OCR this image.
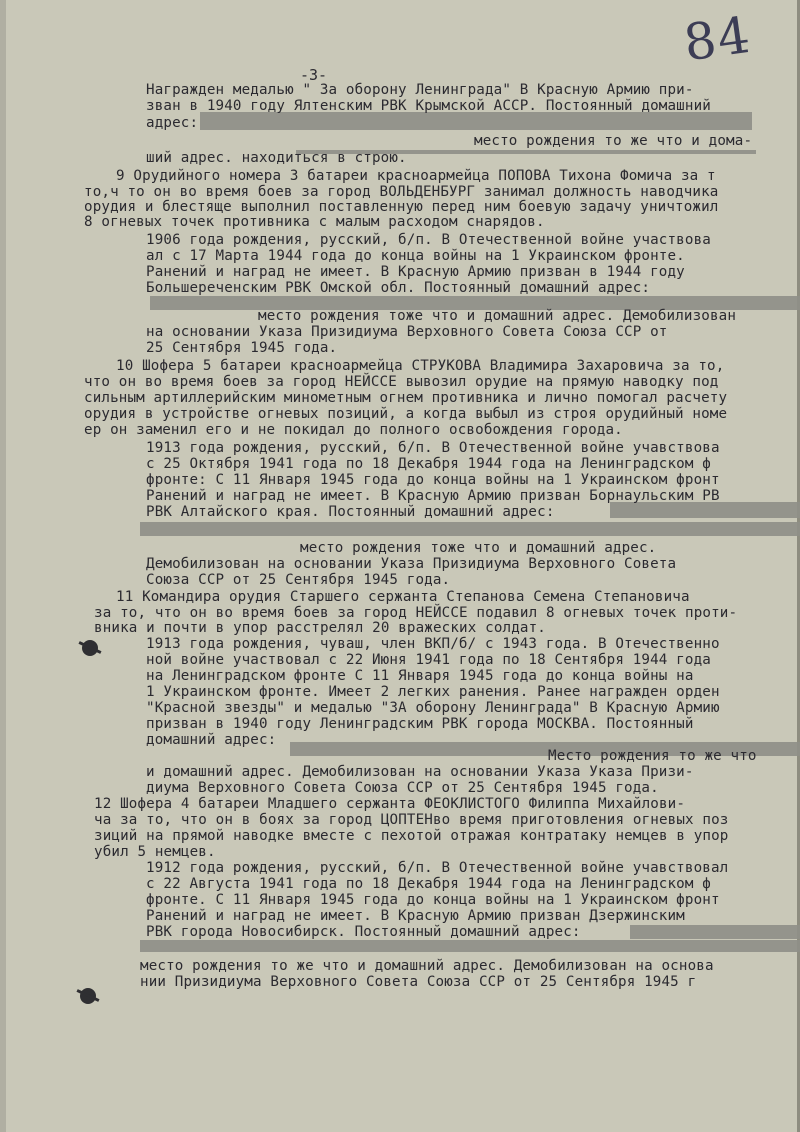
84
-3-
Награжден медалью " За оборону Ленинграда" В Красную Армию при-
зван в 1940 году Ялтенским РВК Крымской АССР. Постоянный домашний
адрес:
место рождения то же что и дома-
ший адрес. находиться в строю.
9 Орудийного номера 3 батареи красноармейца ПОПОВА Тихона Фомича за т
то,ч то он во время боев за город ВОЛЬДЕНБУРГ занимал должность наводчика
орудия и блестяще выполнил поставленную перед ним боевую задачу уничтожил
8 огневых точек противника с малым расходом снарядов.
1906 года рождения, русский, б/п. В Отечественной войне участвова
ал с 17 Марта 1944 года до конца войны на 1 Украинском фронте.
Ранений и наград не имеет. В Красную Армию призван в 1944 году
Большереченским РВК Омской обл. Постоянный домашний адрес:
место рождения тоже что и домашний адрес. Демобилизован
на основании Указа Призидиума Верховного Совета Союза ССР от
25 Сентября 1945 года.
10 Шофера 5 батареи красноармейца СТРУКОВА Владимира Захаровича за то,
что он во время боев за город НЕЙССЕ вывозил орудие на прямую наводку под
сильным артиллерийским минометным огнем противника и лично помогал расчету
орудия в устройстве огневых позиций, а когда выбыл из строя орудийный номе
ер он заменил его и не покидал до полного освобождения города.
1913 года рождения, русский, б/п. В Отечественной войне учавствова
с 25 Октября 1941 года по 18 Декабря 1944 года на Ленинградском ф
фронте: С 11 Января 1945 года до конца войны на 1 Украинском фронт
Ранений и наград не имеет. В Красную Армию призван Борнаульским РВ
РВК Алтайского края. Постоянный домашний адрес:
место рождения тоже что и домашний адрес.
Демобилизован на основании Указа Призидиума Верховного Совета
Союза ССР от 25 Сентября 1945 года.
11 Командира орудия Старшего сержанта Степанова Семена Степановича
за то, что он во время боев за город НЕЙССЕ подавил 8 огневых точек проти-
вника и почти в упор расстрелял 20 вражеских солдат.
1913 года рождения, чуваш, член ВКП/б/ с 1943 года. В Отечественно
ной войне участвовал с 22 Июня 1941 года по 18 Сентября 1944 года
на Ленинградском фронте С 11 Января 1945 года до конца войны на
1 Украинском фронте. Имеет 2 легких ранения. Ранее награжден орден
"Красной звезды" и медалью "ЗА оборону Ленинграда" В Красную Армию
призван в 1940 году Ленинградским РВК города МОСКВА. Постоянный
домашний адрес:
Место рождения то же что
и домашний адрес. Демобилизован на основании Указа Указа Призи-
диума Верховного Совета Союза ССР от 25 Сентября 1945 года.
12 Шофера 4 батареи Младшего сержанта ФЕОКЛИСТОГО Филиппа Михайлови-
ча за то, что он в боях за город ЦОПТЕНво время приготовления огневых поз
зиций на прямой наводке вместе с пехотой отражая контратаку немцев в упор
убил 5 немцев.
1912 года рождения, русский, б/п. В Отечественной войне учавствовал
с 22 Августа 1941 года по 18 Декабря 1944 года на Ленинградском ф
фронте. С 11 Января 1945 года до конца войны на 1 Украинском фронт
Ранений и наград не имеет. В Красную Армию призван Дзержинским
РВК города Новосибирск. Постоянный домашний адрес:
место рождения то же что и домашний адрес. Демобилизован на основа
нии Призидиума Верховного Совета Союза ССР от 25 Сентября 1945 г
